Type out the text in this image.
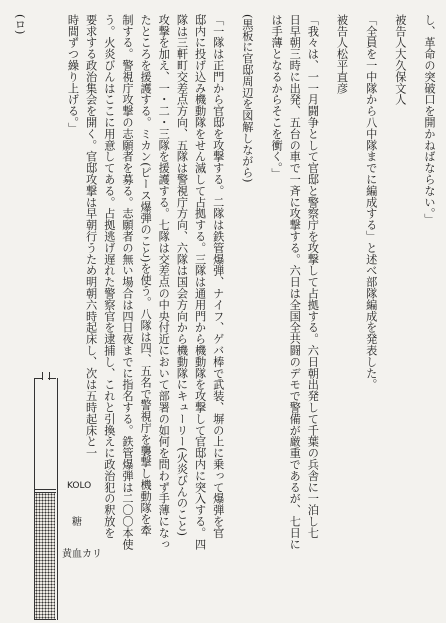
し、革命の突破口を開かねばならない。」
被告人大久保文人
「全員を一中隊から八中隊までに編成する」と述べ部隊編成を発表した。
被告人松平直彦
「我々は、一一月闘争として官邸と警察庁を攻撃して占拠する。六日朝出発して千葉の兵舎に一泊し七
日早朝三時に出発、五台の車で一斉に攻撃する。六日は全国全共闘のデモで警備が厳重であるが、七日に
は手薄となるからそこを衝く。」
(黒板に官邸周辺を図解しながら)
「一隊は正門から官邸を攻撃する。二隊は鉄管爆弾、ナイフ、ゲバ棒で武装、塀の上に乗って爆弾を官
邸内に投げ込み機動隊をせん滅して占拠する。三隊は通用門から機動隊を攻撃して官邸内に突入する。四
隊は三軒町交差点方向、五隊は警視庁方向、六隊は国会方向から機動隊にキューリー(火炎びんのこと)
攻撃を加え、一・二・三隊を援護する。七隊は交差点の中央付近において部署の如何を問わず手薄になっ
たところを援護する。ミカン(ピース爆弾のこと)を使う。八隊は四、五名で警視庁を襲撃し機動隊を牽
制する。警視庁攻撃の志願者を募る。志願者の無い場合は四日夜までに指名する。鉄管爆弾は二〇〇本使
う。火炎びんはここに用意してある。占拠逃げ遅れた警察官を逮捕し、これと引換えに政治犯の釈放を
要求する政治集会を開く。官邸攻撃は早朝行うため明朝六時起床し、次は五時起床と一
時間ずつ繰り上げる。」
(ロ)
KOLO
糖
黄血カリ
